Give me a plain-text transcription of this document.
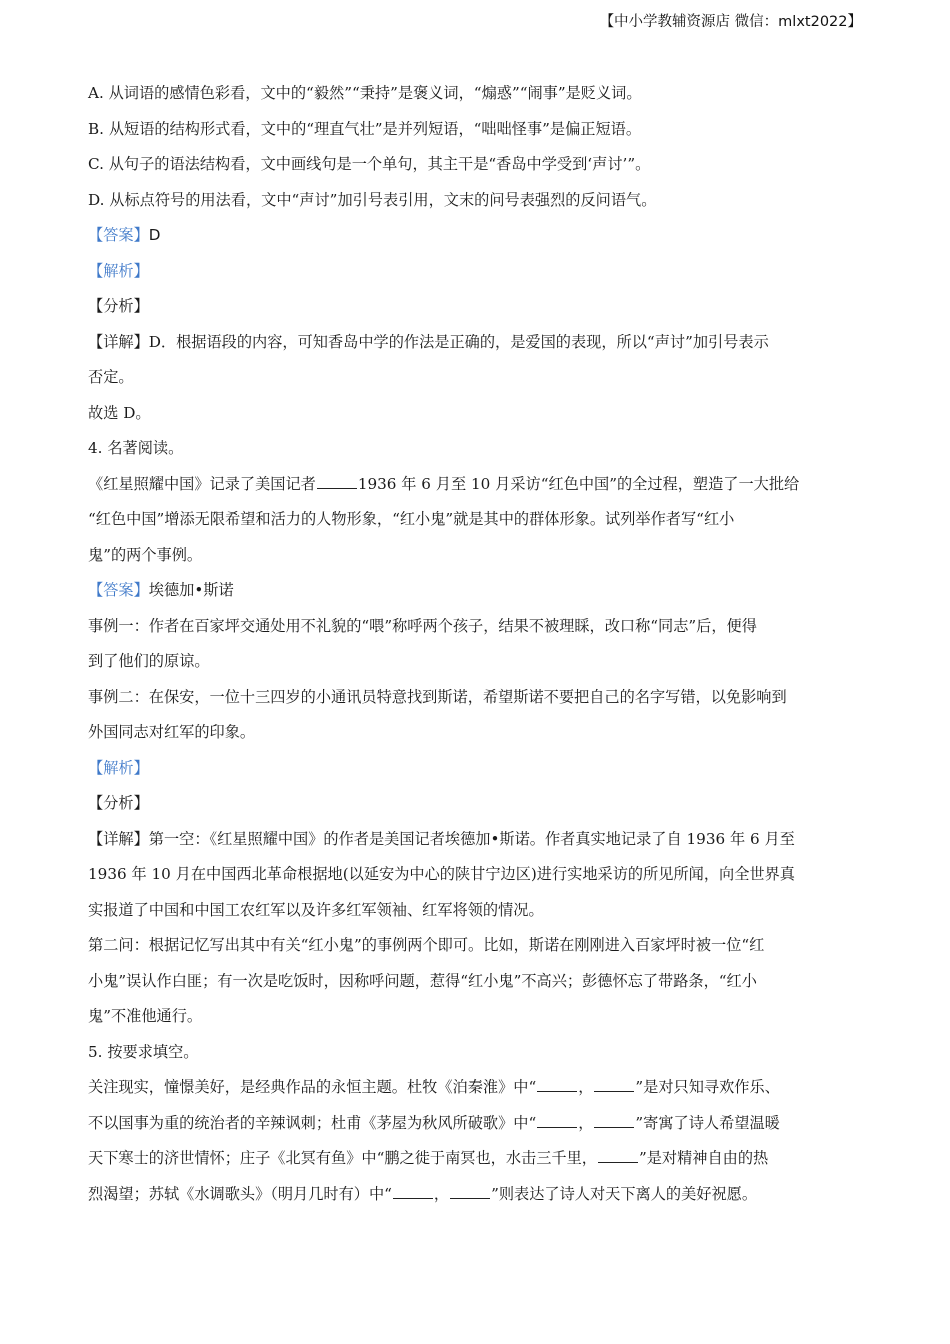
【中小学教辅资源店 微信：mlxt2022】

A. 从词语的感情色彩看，文中的“毅然”“秉持”是褒义词，“煽惑”“闹事”是贬义词。

B. 从短语的结构形式看，文中的“理直气壮”是并列短语，“咄咄怪事”是偏正短语。

C. 从句子的语法结构看，文中画线句是一个单句，其主干是“香岛中学受到‘声讨’”。

D. 从标点符号的用法看，文中“声讨”加引号表引用，文末的问号表强烈的反问语气。

【答案】D

【解析】

【分析】

【详解】D．根据语段的内容，可知香岛中学的作法是正确的，是爱国的表现，所以“声讨”加引号表示

否定。

故选 D。

4. 名著阅读。

《红星照耀中国》记录了美国记者	1936 年 6 月至 10 月采访“红色中国”的全过程，塑造了一大批给

“红色中国”增添无限希望和活力的人物形象，“红小鬼”就是其中的群体形象。试列举作者写“红小

鬼”的两个事例。

【答案】埃德加•斯诺

事例一：作者在百家坪交通处用不礼貌的“喂”称呼两个孩子，结果不被理睬，改口称“同志”后，便得

到了他们的原谅。

事例二：在保安，一位十三四岁的小通讯员特意找到斯诺，希望斯诺不要把自己的名字写错，以免影响到

外国同志对红军的印象。

【解析】

【分析】

【详解】第一空：《红星照耀中国》的作者是美国记者埃德加•斯诺。作者真实地记录了自 1936 年 6 月至

1936 年 10 月在中国西北革命根据地(以延安为中心的陕甘宁边区)进行实地采访的所见所闻，向全世界真

实报道了中国和中国工农红军以及许多红军领袖、红军将领的情况。

第二问：根据记忆写出其中有关“红小鬼”的事例两个即可。比如，斯诺在刚刚进入百家坪时被一位“红

小鬼”误认作白匪；有一次是吃饭时，因称呼问题，惹得“红小鬼”不高兴；彭德怀忘了带路条，“红小

鬼”不准他通行。

5. 按要求填空。

关注现实，憧憬美好，是经典作品的永恒主题。杜牧《泊秦淮》中“	，	”是对只知寻欢作乐、

不以国事为重的统治者的辛辣讽刺；杜甫《茅屋为秋风所破歌》中“	，	”寄寓了诗人希望温暖

天下寒士的济世情怀；庄子《北冥有鱼》中“鹏之徙于南冥也，水击三千里，	”是对精神自由的热

烈渴望；苏轼《水调歌头》（明月几时有）中“	，	”则表达了诗人对天下离人的美好祝愿。
